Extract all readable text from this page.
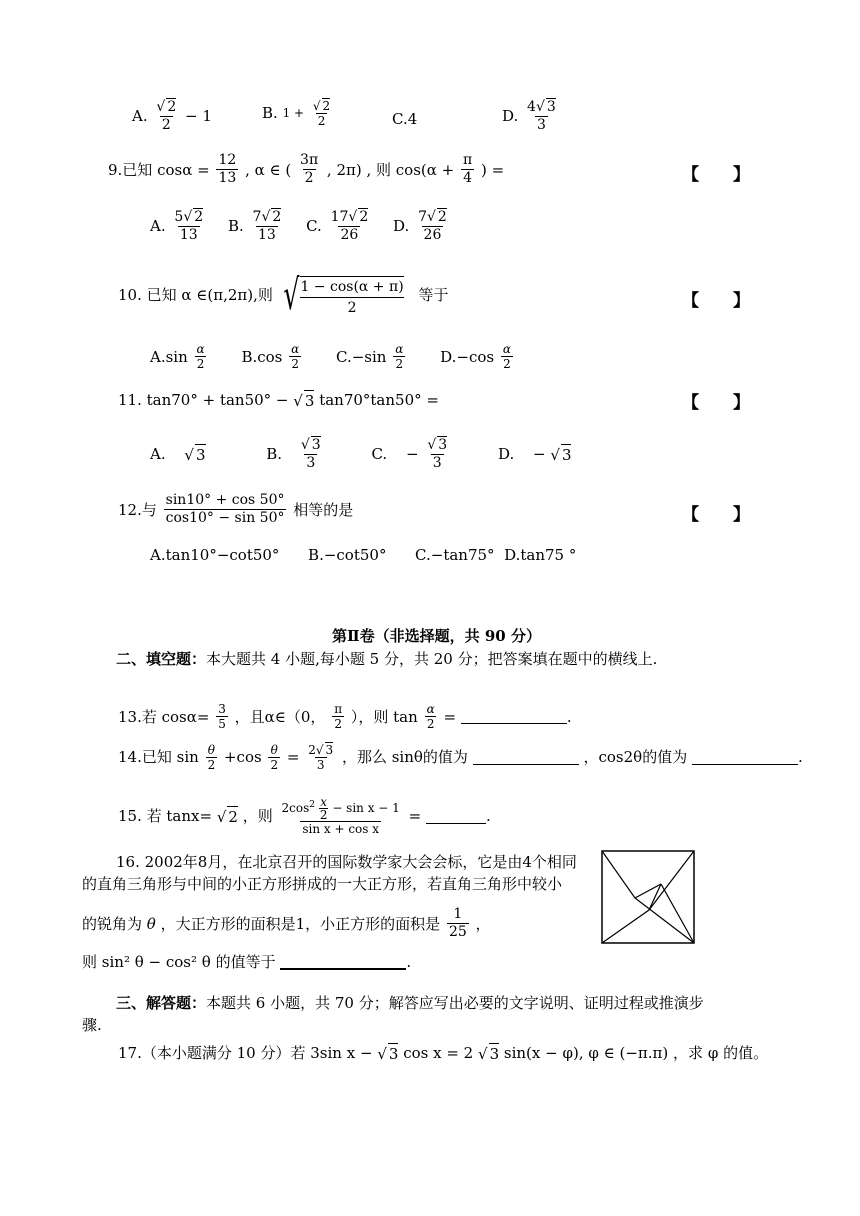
A. √ $\frac{2}{2} - 1$	B. 1 + √ $\frac{2}{2}$	C.4	D. $\frac{4 √ 3}{3}$
9.已知 $\cos\alpha = \frac{12}{13}$ , α ∈ ( $\frac{3\pi}{2}$ , 2π) , 则 $\cos(\alpha + \frac{\pi}{4}$ ) =	【】
A. $\frac{5 √ 2}{13} B$. $\frac{7 √ 2}{13} C$. $\frac{17 √ 2}{26} D$. $\frac{7 √ 2}{26}$
10. 已知 α ∈(π,2π),则 √ 1 − cos(α + π)
2
等于	【】
$A.\sin \frac{\alpha}{2} B.\cos \frac{\alpha}{2} C.-\sin \frac{\alpha}{2} D.-\cos \frac{\alpha}{2}$
11. tan70° + tan50° − √ 3 tan70°tan50° =	【】
A. √ 3	B. √ $\frac{3}{3}$	C. − √ $\frac{3}{3}$	D. − √ 3
12.与 $\frac{\sin 10^\circ + \cos 50^\circ}{\cos 10^\circ - \sin 50^\circ}$ 相等的是	【】
A.tan10°−cot50°      B.−cot50°      C.−tan75°  D.tan75 °
第Ⅱ卷（非选择题，共 90 分）
二、填空题：本大题共 4 小题,每小题 5 分，共 20 分；把答案填在题中的横线上.
13.若 $\cos\alpha= \frac{3}{5}$ ，且α∈（0， $\frac{\pi}{2}$ ），则 $\tan \frac{\alpha}{2}$ =	.
14.已知 $\sin \frac{\theta}{2} +\cos \frac{\theta}{2} = \frac{2 √ 3}{3}$ ，那么 sinθ的值为	，cos2θ的值为	.
15. 若 tanx= √ 2 ，则 $\frac{2\cos^2 \frac{x}{2} - \sin x - 1}{\text{sin x + cos x}}$ =	.
16. 2002年8月，在北京召开的国际数学家大会会标，它是由4个相同
的直角三角形与中间的小正方形拼成的一大正方形，若直角三角形中较小
的锐角为 θ ，大正方形的面积是1，小正方形的面积是 $\frac{1}{25}$ ，
则 sin² θ − cos² θ 的值等于	.
三、解答题：本题共 6 小题，共 70 分；解答应写出必要的文字说明、证明过程或推演步
骤.
17.（本小题满分 10 分）若 3sin x − √ 3 cos x = 2 √ 3 sin(x − φ), φ ∈ (−π.π) ，求 φ 的值。
